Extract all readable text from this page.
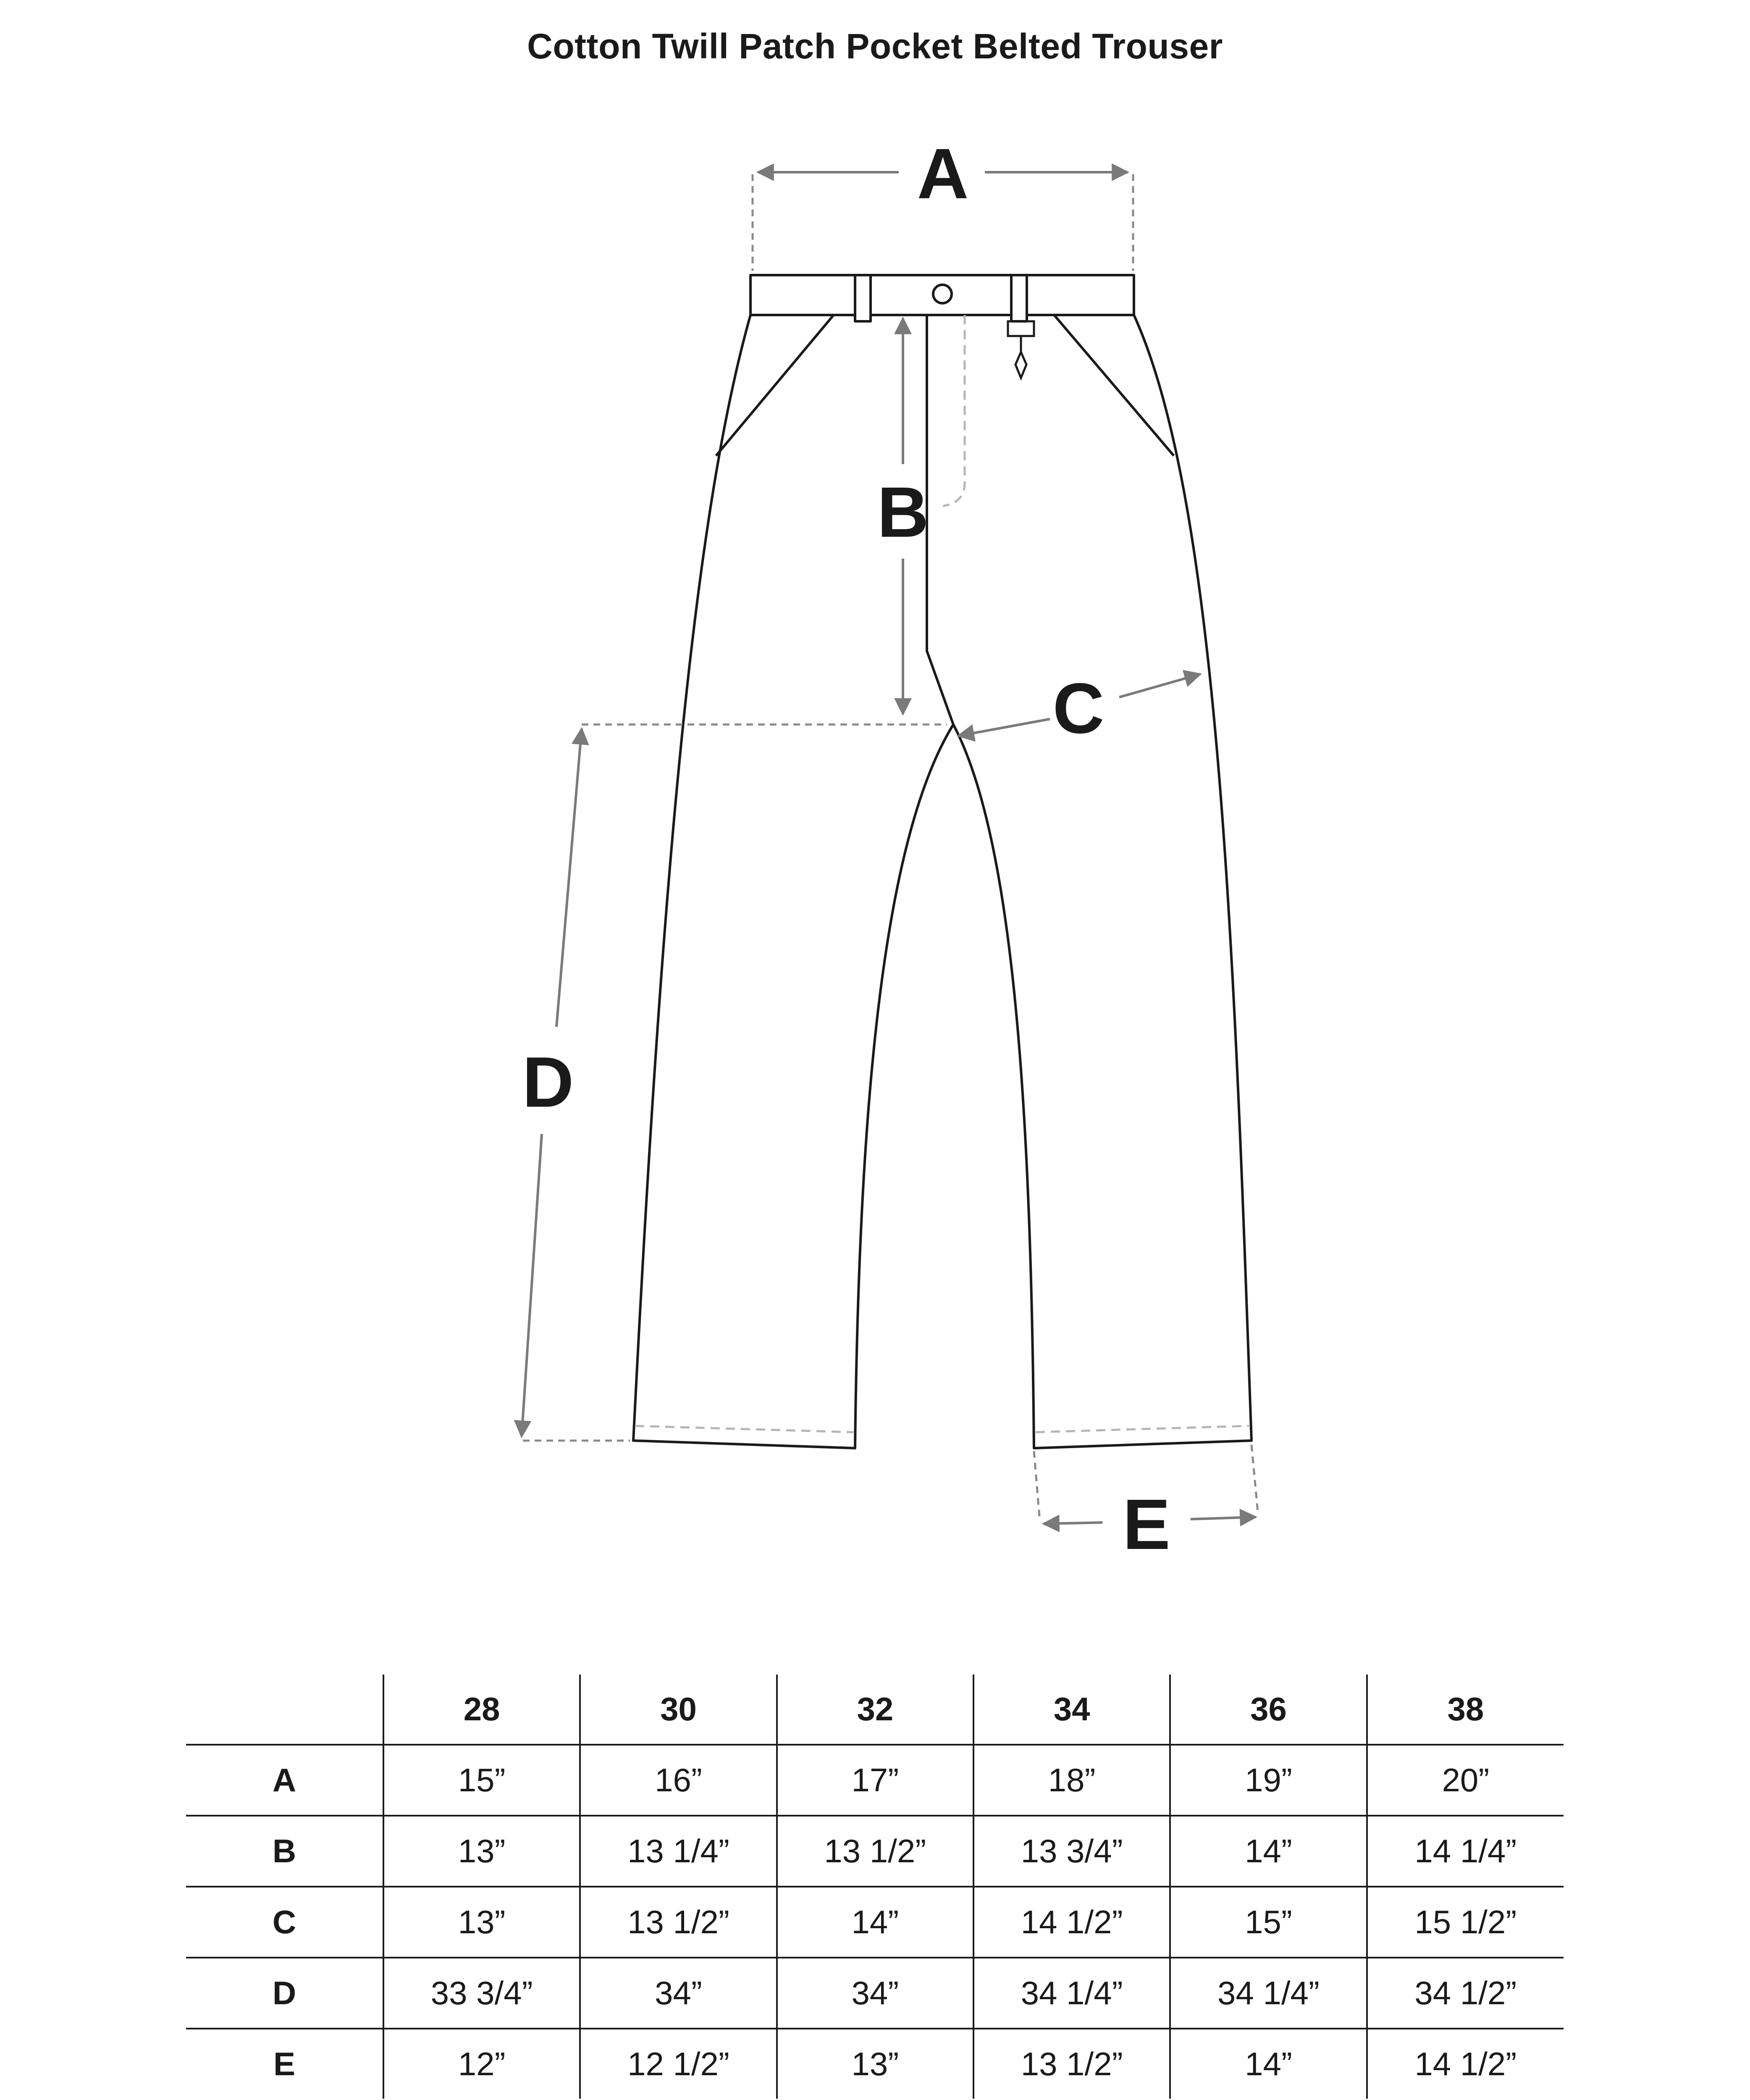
Cotton Twill Patch Pocket Belted Trouser
A
B
C
D
E
	28	30	32	34	36	38
A	15”	16”	17”	18”	19”	20”
B	13”	13 1/4”	13 1/2”	13 3/4”	14”	14 1/4”
C	13”	13 1/2”	14”	14 1/2”	15”	15 1/2”
D	33 3/4”	34”	34”	34 1/4”	34 1/4”	34 1/2”
E	12”	12 1/2”	13”	13 1/2”	14”	14 1/2”
